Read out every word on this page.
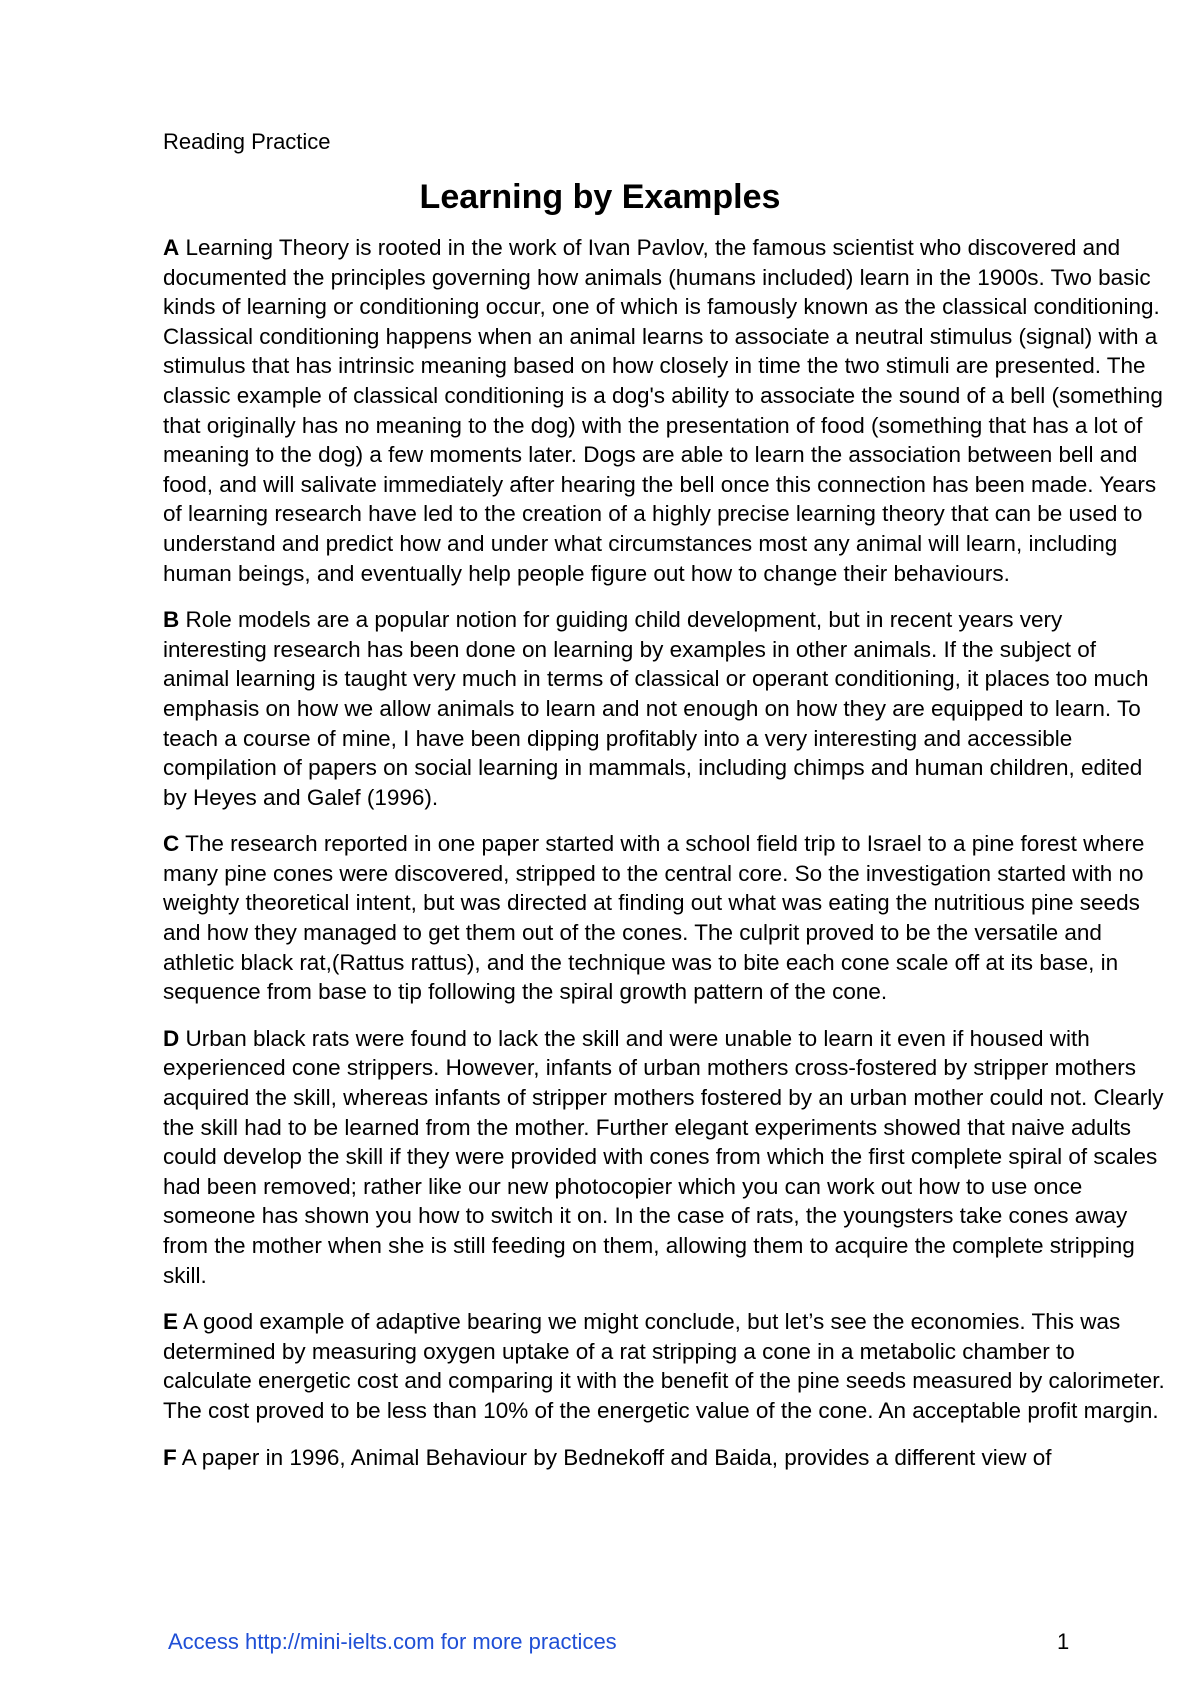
Reading Practice
Learning by Examples

A Learning Theory is rooted in the work of Ivan Pavlov, the famous scientist who discovered and documented the principles governing how animals (humans included) learn in the 1900s. Two basic kinds of learning or conditioning occur, one of which is famously known as the classical conditioning. Classical conditioning happens when an animal learns to associate a neutral stimulus (signal) with a stimulus that has intrinsic meaning based on how closely in time the two stimuli are presented. The classic example of classical conditioning is a dog's ability to associate the sound of a bell (something that originally has no meaning to the dog) with the presentation of food (something that has a lot of meaning to the dog) a few moments later. Dogs are able to learn the association between bell and food, and will salivate immediately after hearing the bell once this connection has been made. Years of learning research have led to the creation of a highly precise learning theory that can be used to understand and predict how and under what circumstances most any animal will learn, including human beings, and eventually help people figure out how to change their behaviours.

B Role models are a popular notion for guiding child development, but in recent years very interesting research has been done on learning by examples in other animals. If the subject of animal learning is taught very much in terms of classical or operant conditioning, it places too much emphasis on how we allow animals to learn and not enough on how they are equipped to learn. To teach a course of mine, I have been dipping profitably into a very interesting and accessible compilation of papers on social learning in mammals, including chimps and human children, edited by Heyes and Galef (1996).

C The research reported in one paper started with a school field trip to Israel to a pine forest where many pine cones were discovered, stripped to the central core. So the investigation started with no weighty theoretical intent, but was directed at finding out what was eating the nutritious pine seeds and how they managed to get them out of the cones. The culprit proved to be the versatile and athletic black rat,(Rattus rattus), and the technique was to bite each cone scale off at its base, in sequence from base to tip following the spiral growth pattern of the cone.

D Urban black rats were found to lack the skill and were unable to learn it even if housed with experienced cone strippers. However, infants of urban mothers cross-fostered by stripper mothers acquired the skill, whereas infants of stripper mothers fostered by an urban mother could not. Clearly the skill had to be learned from the mother. Further elegant experiments showed that naive adults could develop the skill if they were provided with cones from which the first complete spiral of scales had been removed; rather like our new photocopier which you can work out how to use once someone has shown you how to switch it on. In the case of rats, the youngsters take cones away from the mother when she is still feeding on them, allowing them to acquire the complete stripping skill.

E A good example of adaptive bearing we might conclude, but let’s see the economies. This was determined by measuring oxygen uptake of a rat stripping a cone in a metabolic chamber to calculate energetic cost and comparing it with the benefit of the pine seeds measured by calorimeter. The cost proved to be less than 10% of the energetic value of the cone. An acceptable profit margin.

F A paper in 1996, Animal Behaviour by Bednekoff and Baida, provides a different view of

Access http://mini-ielts.com for more practices	1
